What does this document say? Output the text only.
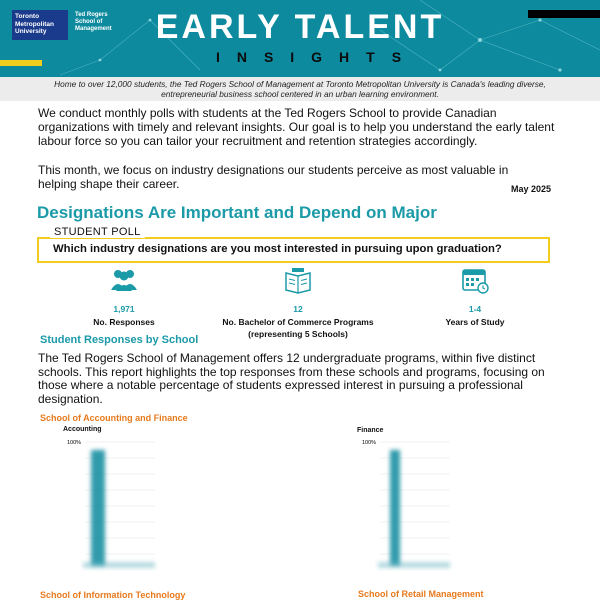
Toronto Metropolitan University
Ted Rogers School of Management	EARLY TALENT
INSIGHTS
Home to over 12,000 students, the Ted Rogers School of Management at Toronto Metropolitan University is Canada's leading diverse, entrepreneurial business school centered in an urban learning environment.
We conduct monthly polls with students at the Ted Rogers School to provide Canadian organizations with timely and relevant insights. Our goal is to help you understand the early talent labour force so you can tailor your recruitment and retention strategies accordingly.
This month, we focus on industry designations our students perceive as most valuable in helping shape their career.	May 2025
Designations Are Important and Depend on Major
STUDENT POLL
Which industry designations are you most interested in pursuing upon graduation?
1,971
No. Responses
12
No. Bachelor of Commerce Programs (representing 5 Schools)
1-4
Years of Study
Student Responses by School
The Ted Rogers School of Management offers 12 undergraduate programs, within five distinct schools. This report highlights the top responses from these schools and programs, focusing on those where a notable percentage of students expressed interest in pursuing a professional designation.
School of Accounting and Finance
Accounting
100%
Finance
100%
School of Information Technology	School of Retail Management
